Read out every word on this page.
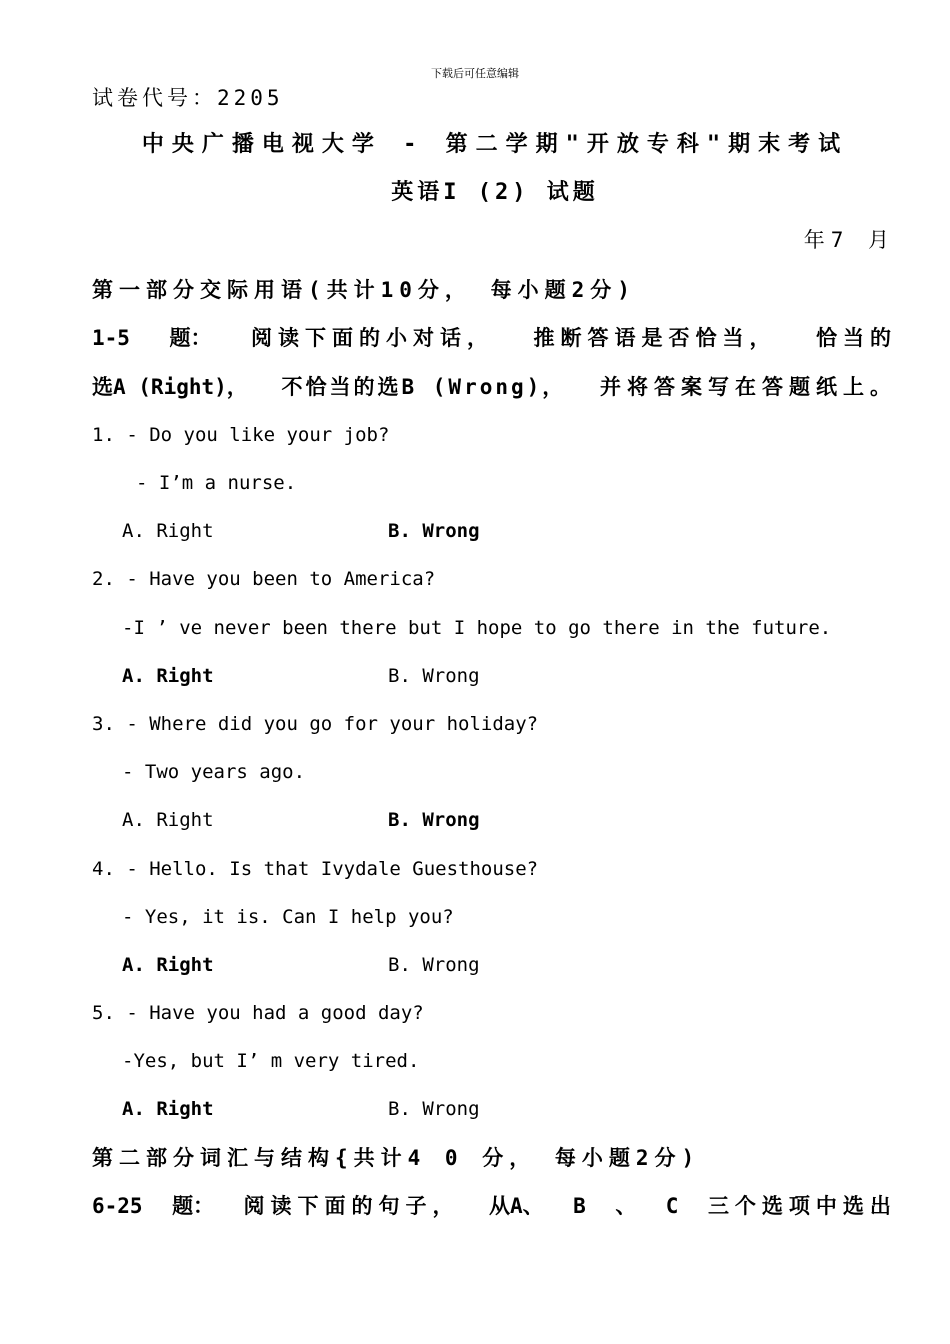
下载后可任意编辑
试卷代号：2205
中央广播电视大学 - 第二学期"开放专科"期末考试
英语I (2) 试题
年7 月
第一部分交际用语(共计10分， 每小题2分)
1-5 题： 阅读下面的小对话， 推断答语是否恰当， 恰当的
选A (Right)， 不恰当的选B (Wrong)， 并将答案写在答题纸上。
1. - Do you like your job?
- I’m a nurse.
A. Right	B. Wrong
2. - Have you been to America?
-I ’ ve never been there but I hope to go there in the future.
A. Right	B. Wrong
3. - Where did you go for your holiday?
- Two years ago.
A. Right	B. Wrong
4. - Hello. Is that Ivydale Guesthouse?
- Yes, it is. Can I help you?
A. Right	B. Wrong
5. - Have you had a good day?
-Yes, but I’ m very tired.
A. Right	B. Wrong
第二部分词汇与结构{共计4 0 分， 每小题2分)
6-25 题： 阅读下面的句子， 从A、 B 、 C 三个选项中选出
